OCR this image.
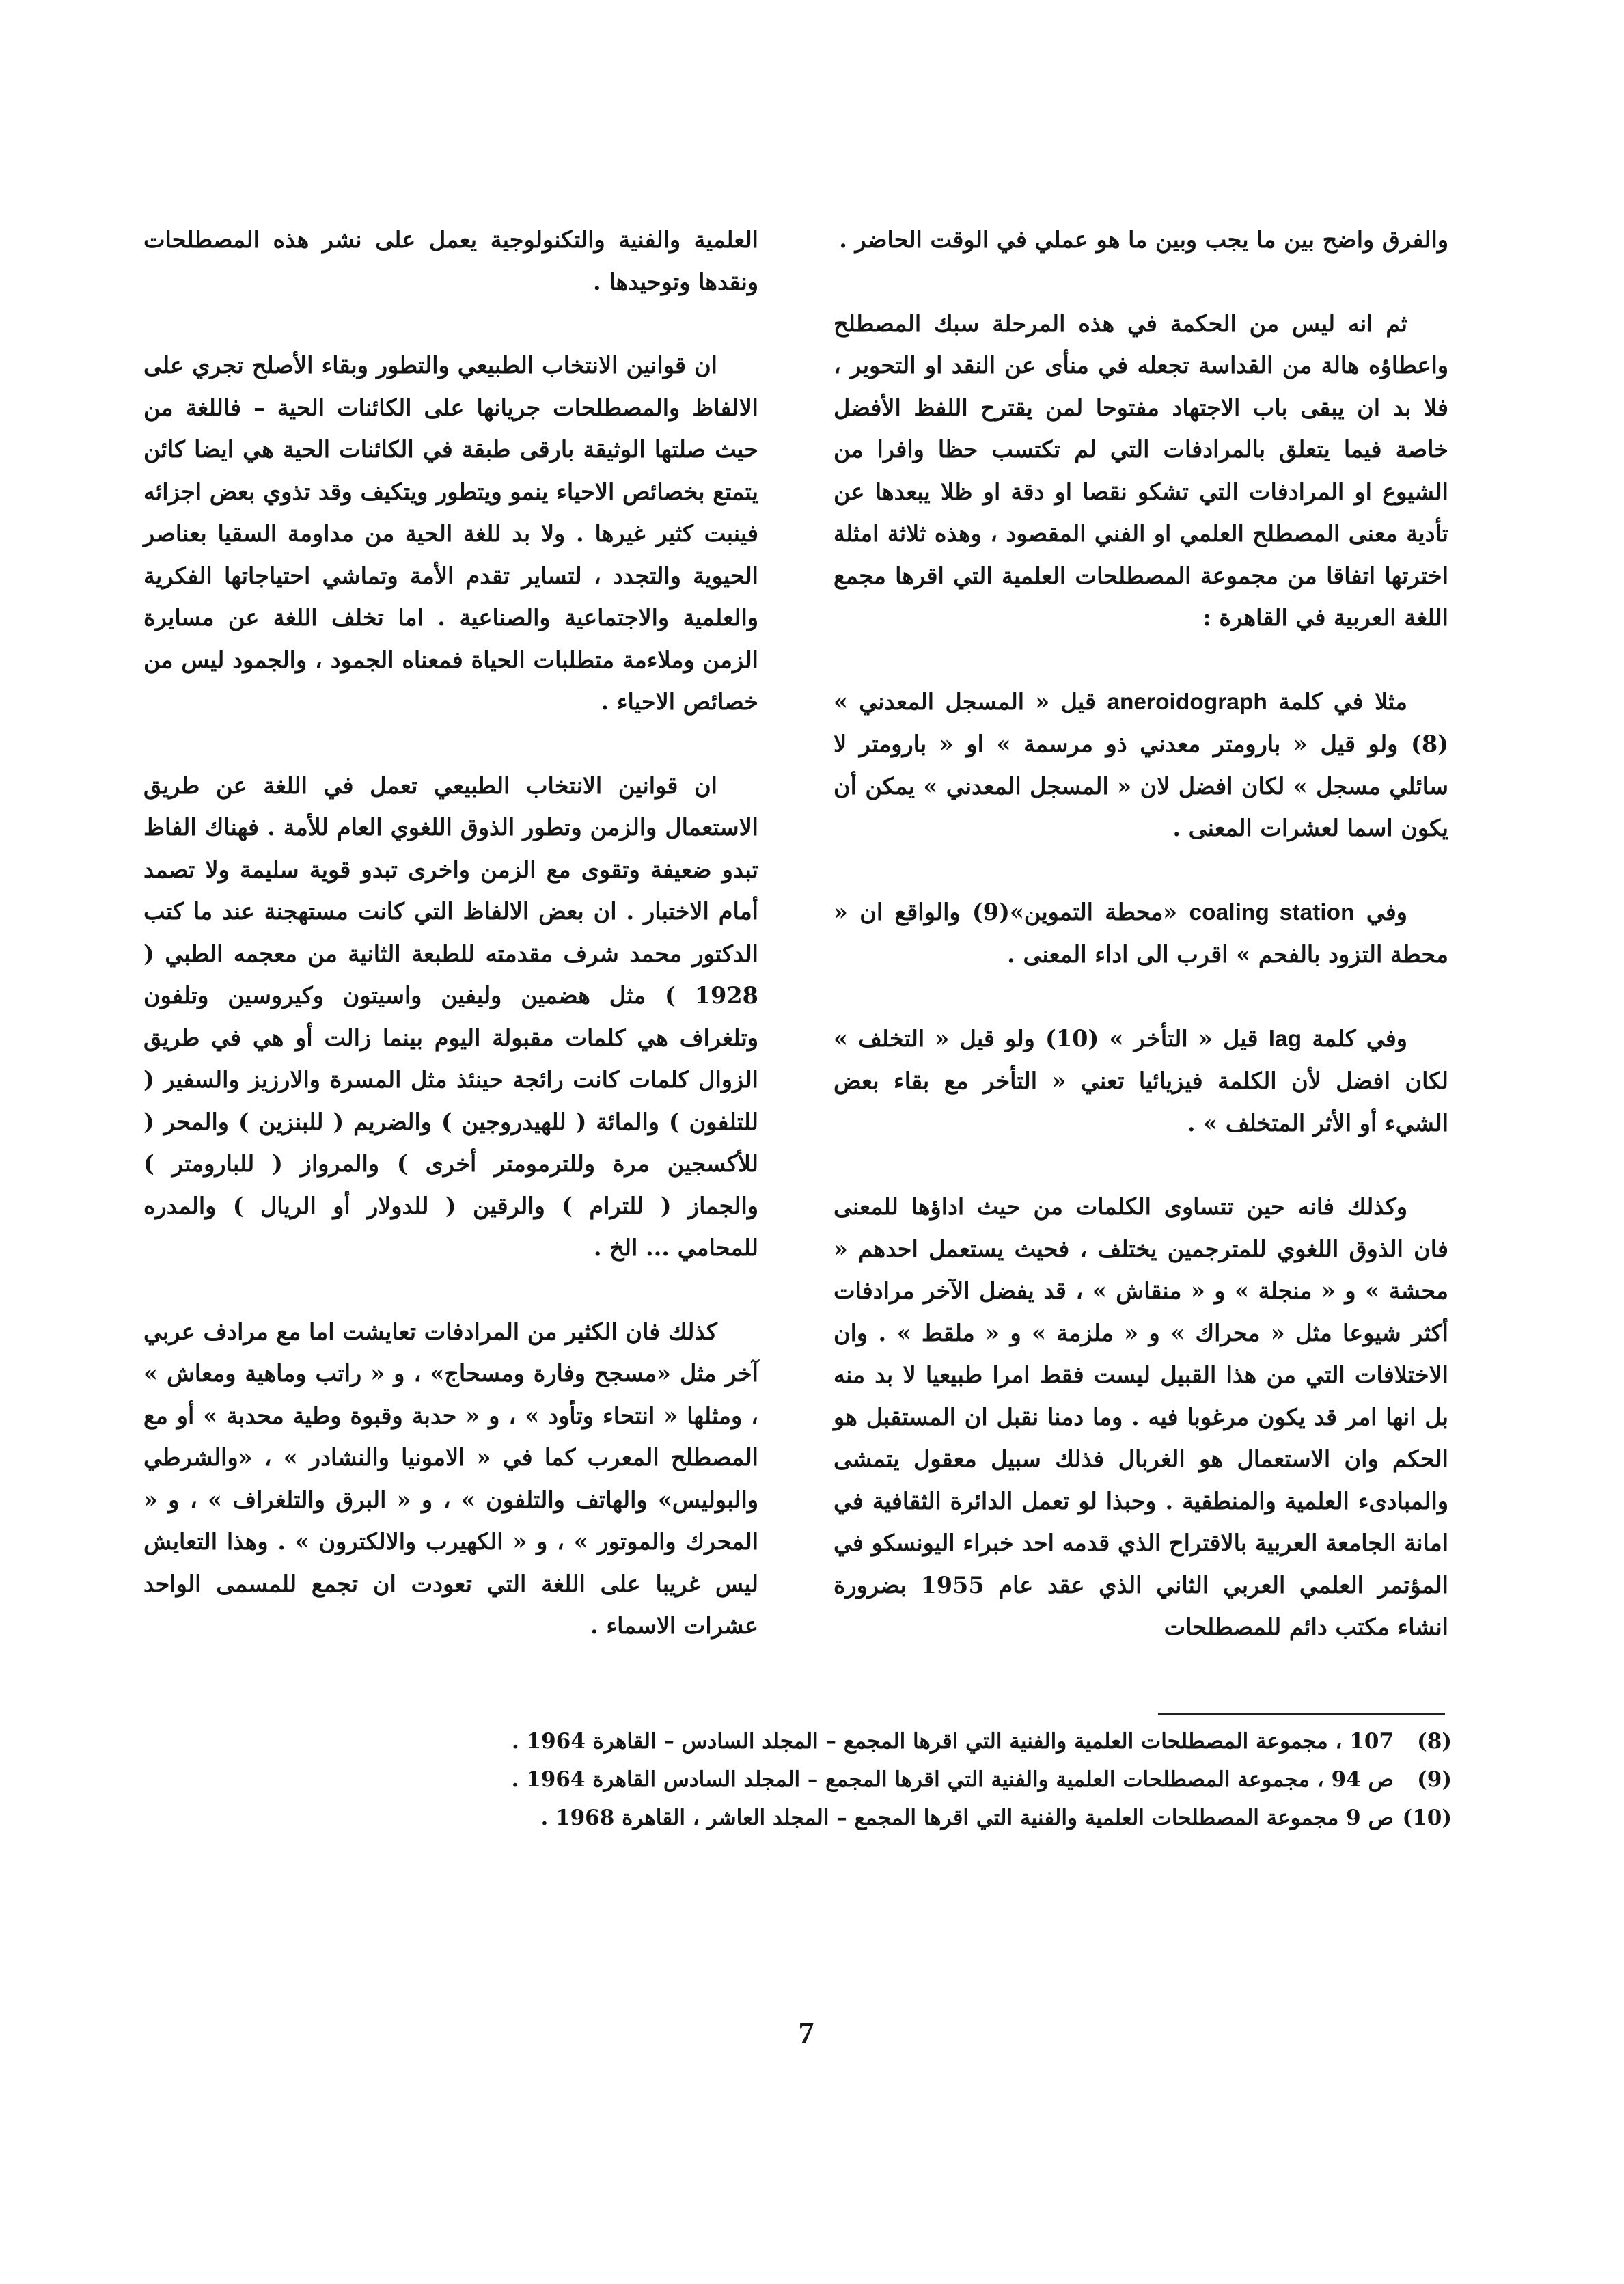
والفرق واضح بين ما يجب وبين ما هو عملي في الوقت الحاضر .

ثم انه ليس من الحكمة في هذه المرحلة سبك المصطلح واعطاؤه هالة من القداسة تجعله في منأى عن النقد او التحوير ، فلا بد ان يبقى باب الاجتهاد مفتوحا لمن يقترح اللفظ الأفضل خاصة فيما يتعلق بالمرادفات التي لم تكتسب حظا وافرا من الشيوع او المرادفات التي تشكو نقصا او دقة او ظلا يبعدها عن تأدية معنى المصطلح العلمي او الفني المقصود ، وهذه ثلاثة امثلة اخترتها اتفاقا من مجموعة المصطلحات العلمية التي اقرها مجمع اللغة العربية في القاهرة :

مثلا في كلمة aneroidograph قيل « المسجل المعدني » (8) ولو قيل « بارومتر معدني ذو مرسمة » او « بارومتر لا سائلي مسجل » لكان افضل لان « المسجل المعدني » يمكن أن يكون اسما لعشرات المعنى .

وفي coaling station «محطة التموين»(9) والواقع ان « محطة التزود بالفحم » اقرب الى اداء المعنى .

وفي كلمة lag قيل « التأخر » (10) ولو قيل « التخلف » لكان افضل لأن الكلمة فيزيائيا تعني « التأخر مع بقاء بعض الشيء أو الأثر المتخلف » .

وكذلك فانه حين تتساوى الكلمات من حيث اداؤها للمعنى فان الذوق اللغوي للمترجمين يختلف ، فحيث يستعمل احدهم « محشة » و « منجلة » و « منقاش » ، قد يفضل الآخر مرادفات أكثر شيوعا مثل « محراك » و « ملزمة » و « ملقط » . وان الاختلافات التي من هذا القبيل ليست فقط امرا طبيعيا لا بد منه بل انها امر قد يكون مرغوبا فيه . وما دمنا نقبل ان المستقبل هو الحكم وان الاستعمال هو الغربال فذلك سبيل معقول يتمشى والمبادىء العلمية والمنطقية . وحبذا لو تعمل الدائرة الثقافية في امانة الجامعة العربية بالاقتراح الذي قدمه احد خبراء اليونسكو في المؤتمر العلمي العربي الثاني الذي عقد عام 1955 بضرورة انشاء مكتب دائم للمصطلحات

العلمية والفنية والتكنولوجية يعمل على نشر هذه المصطلحات ونقدها وتوحيدها .

ان قوانين الانتخاب الطبيعي والتطور وبقاء الأصلح تجري على الالفاظ والمصطلحات جريانها على الكائنات الحية – فاللغة من حيث صلتها الوثيقة بارقى طبقة في الكائنات الحية هي ايضا كائن يتمتع بخصائص الاحياء ينمو ويتطور ويتكيف وقد تذوي بعض اجزائه فينبت كثير غيرها . ولا بد للغة الحية من مداومة السقيا بعناصر الحيوية والتجدد ، لتساير تقدم الأمة وتماشي احتياجاتها الفكرية والعلمية والاجتماعية والصناعية . اما تخلف اللغة عن مسايرة الزمن وملاءمة متطلبات الحياة فمعناه الجمود ، والجمود ليس من خصائص الاحياء .

ان قوانين الانتخاب الطبيعي تعمل في اللغة عن طريق الاستعمال والزمن وتطور الذوق اللغوي العام للأمة . فهناك الفاظ تبدو ضعيفة وتقوى مع الزمن واخرى تبدو قوية سليمة ولا تصمد أمام الاختبار . ان بعض الالفاظ التي كانت مستهجنة عند ما كتب الدكتور محمد شرف مقدمته للطبعة الثانية من معجمه الطبي ( 1928 ) مثل هضمين وليفين واسيتون وكيروسين وتلفون وتلغراف هي كلمات مقبولة اليوم بينما زالت أو هي في طريق الزوال كلمات كانت رائجة حينئذ مثل المسرة والارزيز والسفير ( للتلفون ) والمائة ( للهيدروجين ) والضريم ( للبنزين ) والمحر ( للأكسجين مرة وللترمومتر أخرى ) والمرواز ( للبارومتر ) والجماز ( للترام ) والرقين ( للدولار أو الريال ) والمدره للمحامي ... الخ .

كذلك فان الكثير من المرادفات تعايشت اما مع مرادف عربي آخر مثل «مسجح وفارة ومسحاج» ، و « راتب وماهية ومعاش » ، ومثلها « انتحاء وتأود » ، و « حدبة وقبوة وطية محدبة » أو مع المصطلح المعرب كما في « الامونيا والنشادر » ، «والشرطي والبوليس» والهاتف والتلفون » ، و « البرق والتلغراف » ، و « المحرك والموتور » ، و « الكهيرب والالكترون » . وهذا التعايش ليس غريبا على اللغة التي تعودت ان تجمع للمسمى الواحد عشرات الاسماء .

(8)107 ، مجموعة المصطلحات العلمية والفنية التي اقرها المجمع – المجلد السادس – القاهرة 1964 .
(9)ص 94 ، مجموعة المصطلحات العلمية والفنية التي اقرها المجمع – المجلد السادس القاهرة 1964 .
(10)ص 9 مجموعة المصطلحات العلمية والفنية التي اقرها المجمع – المجلد العاشر ، القاهرة 1968 .
7
